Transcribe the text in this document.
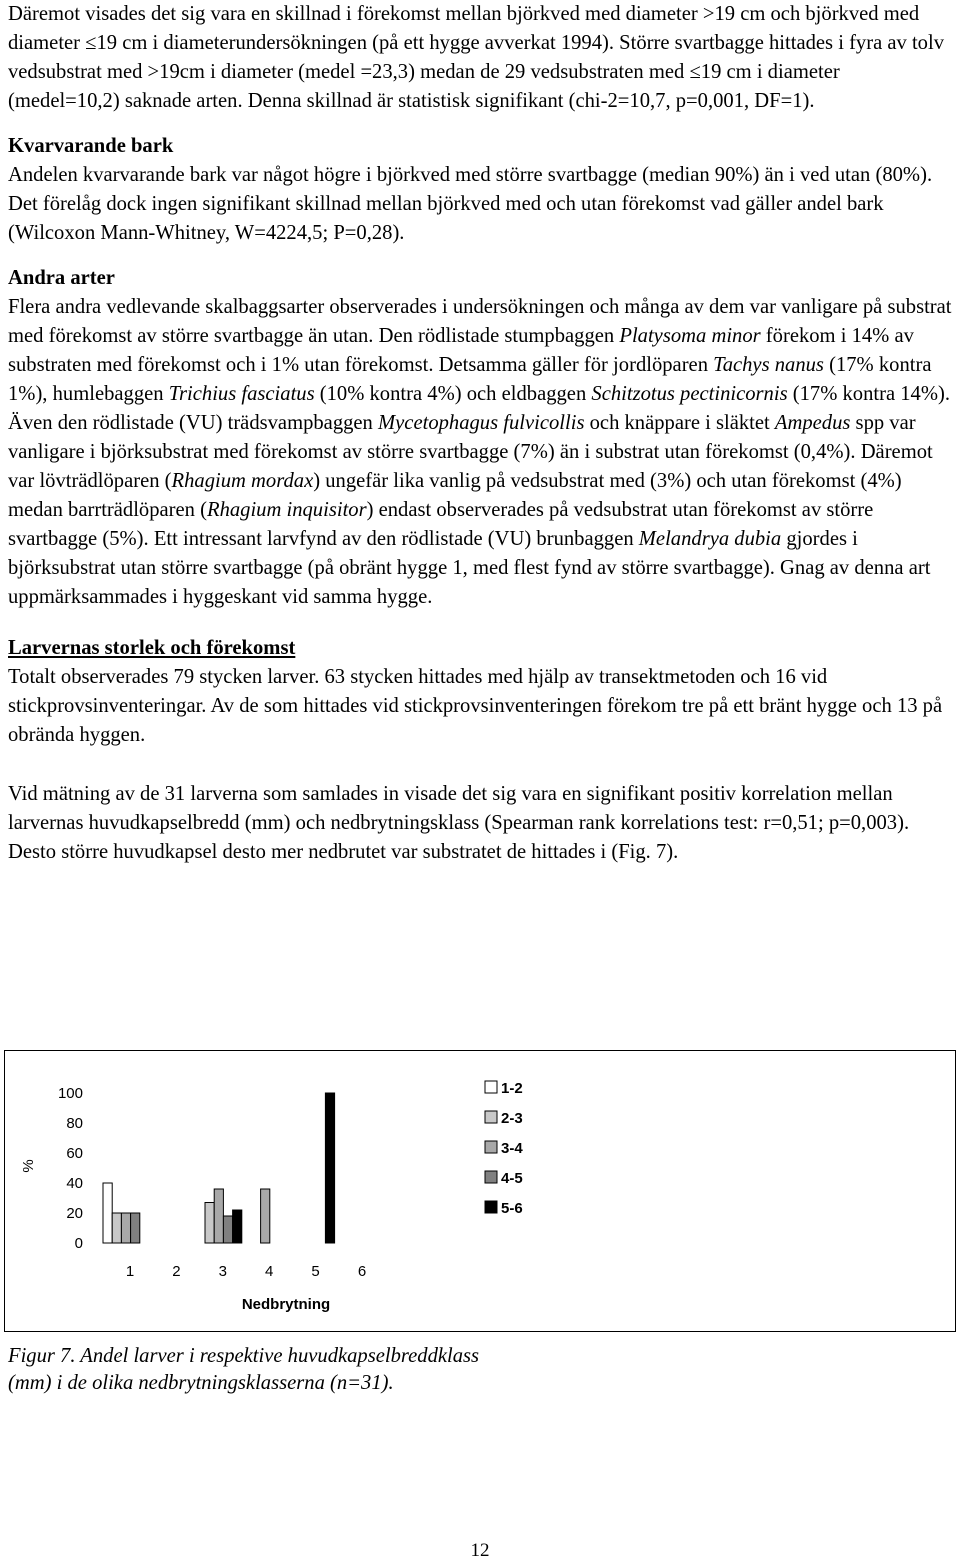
Däremot visades det sig vara en skillnad i förekomst mellan björkved med diameter >19 cm och björkved med diameter ≤19 cm i diameterundersökningen (på ett hygge avverkat 1994). Större svartbagge hittades i fyra av tolv vedsubstrat med >19cm i diameter (medel =23,3) medan de 29 vedsubstraten med ≤19 cm i diameter (medel=10,2) saknade arten. Denna skillnad är statistisk signifikant (chi-2=10,7, p=0,001, DF=1).

Kvarvarande bark

Andelen kvarvarande bark var något högre i björkved med större svartbagge (median 90%) än i ved utan (80%). Det förelåg dock ingen signifikant skillnad mellan björkved med och utan förekomst vad gäller andel bark (Wilcoxon Mann-Whitney, W=4224,5; P=0,28).

Andra arter

Flera andra vedlevande skalbaggsarter observerades i undersökningen och många av dem var vanligare på substrat med förekomst av större svartbagge än utan. Den rödlistade stumpbaggen Platysoma minor förekom i 14% av substraten med förekomst och i 1% utan förekomst. Detsamma gäller för jordlöparen Tachys nanus (17% kontra 1%), humlebaggen Trichius fasciatus (10% kontra 4%) och eldbaggen Schitzotus pectinicornis (17% kontra 14%). Även den rödlistade (VU) trädsvampbaggen Mycetophagus fulvicollis och knäppare i släktet Ampedus spp var vanligare i björksubstrat med förekomst av större svartbagge (7%) än i substrat utan förekomst (0,4%). Däremot var lövträdlöparen (Rhagium mordax) ungefär lika vanlig på vedsubstrat med (3%) och utan förekomst (4%) medan barrträdlöparen (Rhagium inquisitor) endast observerades på vedsubstrat utan förekomst av större svartbagge (5%). Ett intressant larvfynd av den rödlistade (VU) brunbaggen Melandrya dubia gjordes i björksubstrat utan större svartbagge (på obränt hygge 1, med flest fynd av större svartbagge). Gnag av denna art uppmärksammades i hyggeskant vid samma hygge.

Larvernas storlek och förekomst

Totalt observerades 79 stycken larver. 63 stycken hittades med hjälp av transektmetoden och 16 vid stickprovsinventeringar. Av de som hittades vid stickprovsinventeringen förekom tre på ett bränt hygge och 13 på obrända hyggen.

Vid mätning av de 31 larverna som samlades in visade det sig vara en signifikant positiv korrelation mellan larvernas huvudkapselbredd (mm) och nedbrytningsklass (Spearman rank korrelations test: r=0,51; p=0,003). Desto större huvudkapsel desto mer nedbrutet var substratet de hittades i (Fig. 7).

%
0
20
40
60
80
100
1	2	3	4	5	6
Nedbrytning
1-2
2-3
3-4
4-5
5-6
Figur 7. Andel larver i respektive huvudkapselbreddklass
(mm) i de olika nedbrytningsklasserna (n=31).
12
